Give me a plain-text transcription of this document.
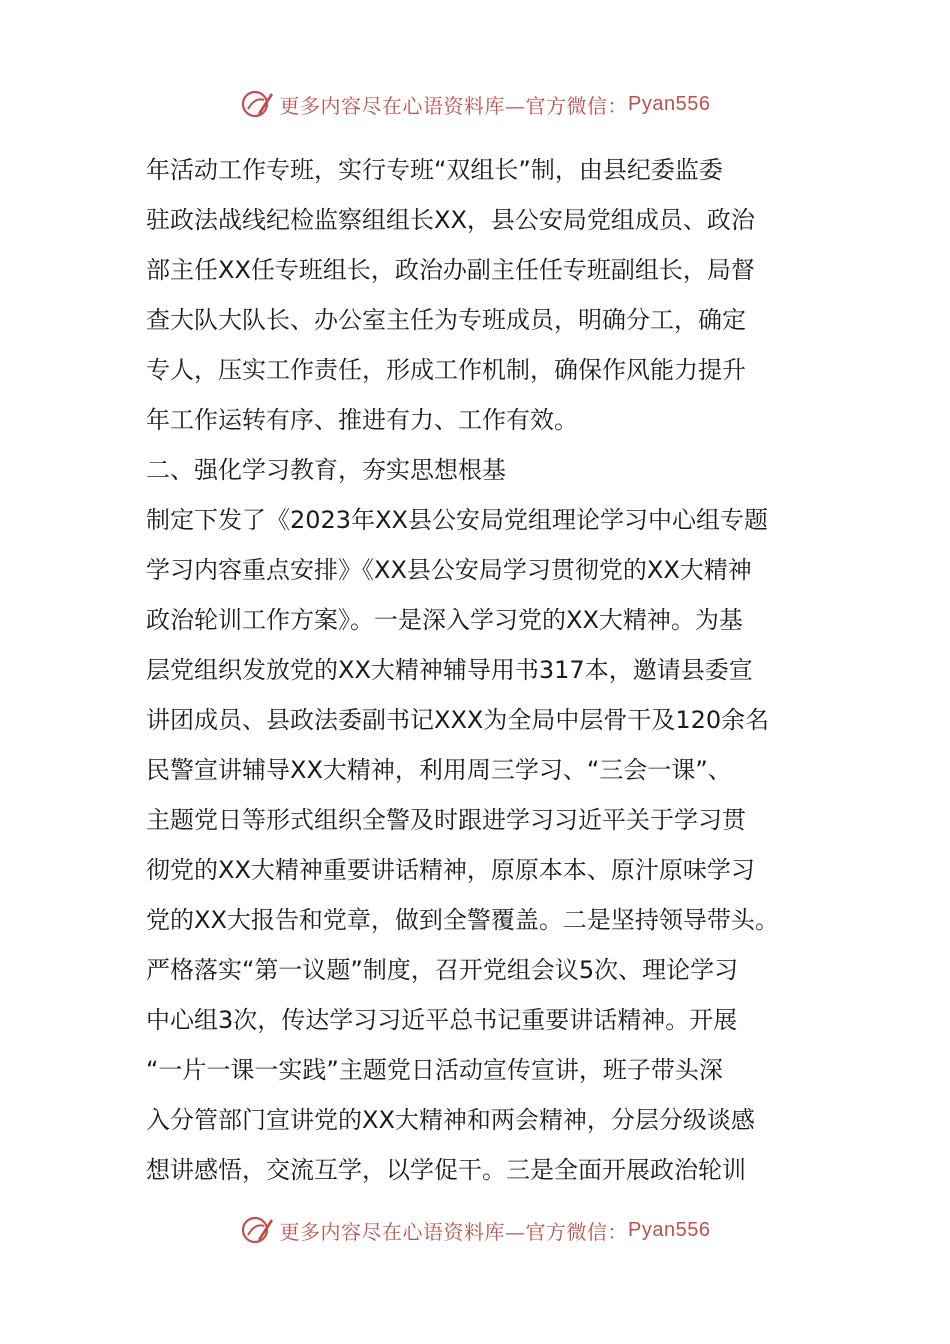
更多内容尽在心语资料库—官方微信： Pyan556
年活动工作专班，实行专班“双组长”制，由县纪委监委
驻政法战线纪检监察组组长XX，县公安局党组成员、政治
部主任XX任专班组长，政治办副主任任专班副组长，局督
查大队大队长、办公室主任为专班成员，明确分工，确定
专人，压实工作责任，形成工作机制，确保作风能力提升
年工作运转有序、推进有力、工作有效。
二、强化学习教育，夯实思想根基
制定下发了《2023年XX县公安局党组理论学习中心组专题
学习内容重点安排》《XX县公安局学习贯彻党的XX大精神
政治轮训工作方案》。一是深入学习党的XX大精神。为基
层党组织发放党的XX大精神辅导用书317本，邀请县委宣
讲团成员、县政法委副书记XXX为全局中层骨干及120余名
民警宣讲辅导XX大精神，利用周三学习、“三会一课”、
主题党日等形式组织全警及时跟进学习习近平关于学习贯
彻党的XX大精神重要讲话精神，原原本本、原汁原味学习
党的XX大报告和党章，做到全警覆盖。二是坚持领导带头。
严格落实“第一议题”制度，召开党组会议5次、理论学习
中心组3次，传达学习习近平总书记重要讲话精神。开展
“一片一课一实践”主题党日活动宣传宣讲，班子带头深
入分管部门宣讲党的XX大精神和两会精神，分层分级谈感
想讲感悟，交流互学，以学促干。三是全面开展政治轮训
更多内容尽在心语资料库—官方微信： Pyan556
